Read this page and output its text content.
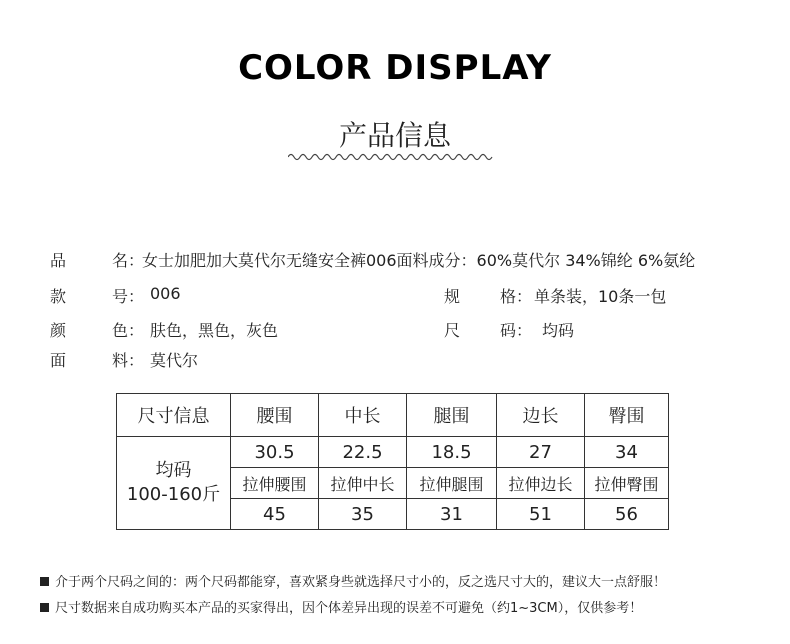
COLOR DISPLAY
产品信息
品	名：
女士加肥加大莫代尔无缝安全裤006面料成分：60%莫代尔 34%锦纶 6%氨纶
款	号： 006	规 格： 单条装，10条一包
颜	色： 肤色，黑色，灰色	尺 码： 均码
面	料： 莫代尔
尺寸信息	腰围	中长	腿围	边长	臀围

均码
100-160斤	30.5	22.5	18.5	27	34
	拉伸腰围	拉伸中长	拉伸腿围	拉伸边长	拉伸臀围
	45	35	31	51	56
介于两个尺码之间的：两个尺码都能穿，喜欢紧身些就选择尺寸小的，反之选尺寸大的，建议大一点舒服！
尺寸数据来自成功购买本产品的买家得出，因个体差异出现的误差不可避免（约1~3CM），仅供参考！
